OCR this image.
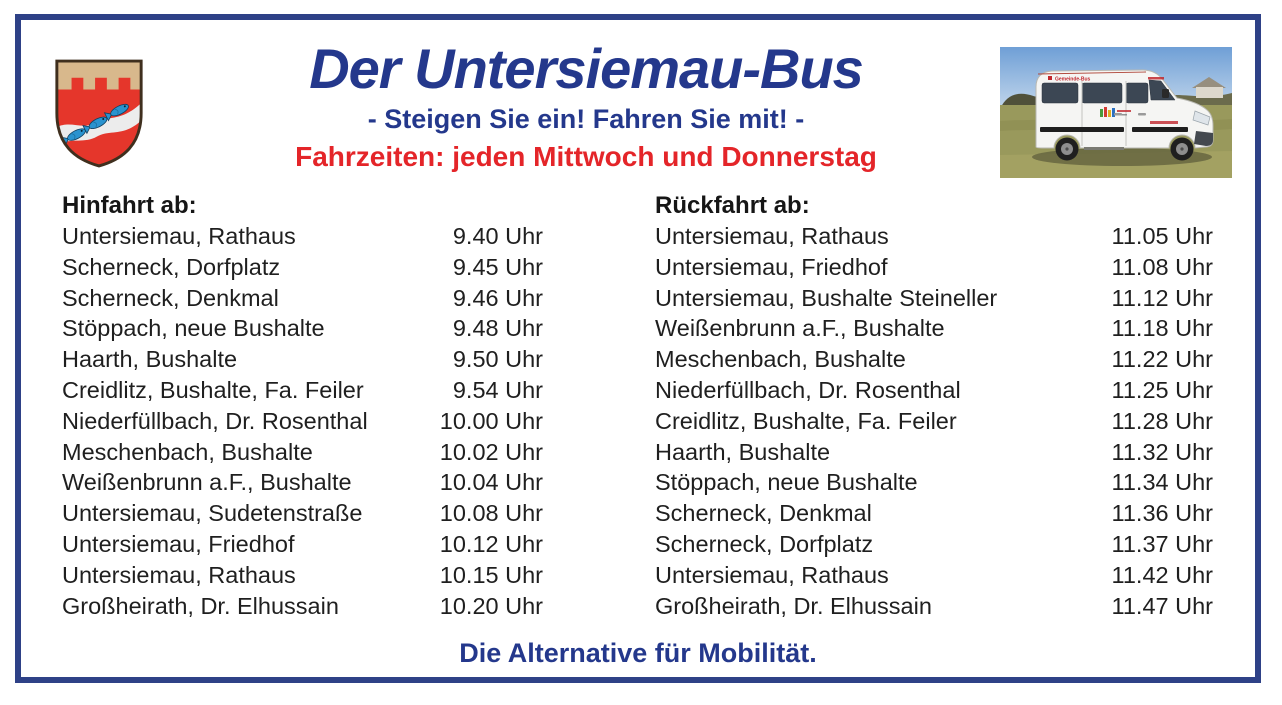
Der Untersiemau-Bus
- Steigen Sie ein! Fahren Sie mit! -
Fahrzeiten: jeden Mittwoch und Donnerstag
Gemeinde-Bus
Hinfahrt ab:
Untersiemau, Rathaus	9.40 Uhr
Scherneck, Dorfplatz	9.45 Uhr
Scherneck, Denkmal	9.46 Uhr
Stöppach, neue Bushalte	9.48 Uhr
Haarth, Bushalte	9.50 Uhr
Creidlitz, Bushalte, Fa. Feiler	9.54 Uhr
Niederfüllbach, Dr. Rosenthal	10.00 Uhr
Meschenbach, Bushalte	10.02 Uhr
Weißenbrunn a.F., Bushalte	10.04 Uhr
Untersiemau, Sudetenstraße	10.08 Uhr
Untersiemau, Friedhof	10.12 Uhr
Untersiemau, Rathaus	10.15 Uhr
Großheirath, Dr. Elhussain	10.20 Uhr
Rückfahrt ab:
Untersiemau, Rathaus	11.05 Uhr
Untersiemau, Friedhof	11.08 Uhr
Untersiemau, Bushalte Steineller	11.12 Uhr
Weißenbrunn a.F., Bushalte	11.18 Uhr
Meschenbach, Bushalte	11.22 Uhr
Niederfüllbach, Dr. Rosenthal	11.25 Uhr
Creidlitz, Bushalte, Fa. Feiler	11.28 Uhr
Haarth, Bushalte	11.32 Uhr
Stöppach, neue Bushalte	11.34 Uhr
Scherneck, Denkmal	11.36 Uhr
Scherneck, Dorfplatz	11.37 Uhr
Untersiemau, Rathaus	11.42 Uhr
Großheirath, Dr. Elhussain	11.47 Uhr
Die Alternative für Mobilität.
